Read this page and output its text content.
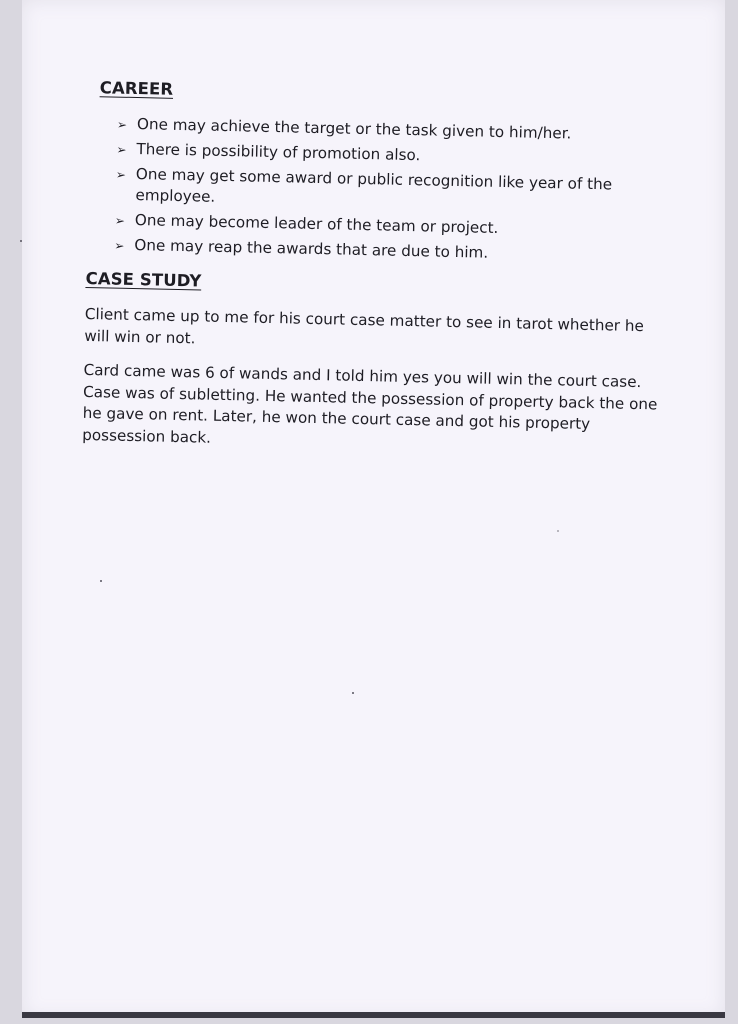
CAREER
➢ One may achieve the target or the task given to him/her.
➢ There is possibility of promotion also.
➢ One may get some award or public recognition like year of the employee.
➢ One may become leader of the team or project.
➢ One may reap the awards that are due to him.
CASE STUDY

Client came up to me for his court case matter to see in tarot whether he will win or not.

Card came was 6 of wands and I told him yes you will win the court case. Case was of subletting. He wanted the possession of property back the one he gave on rent. Later, he won the court case and got his property possession back.
